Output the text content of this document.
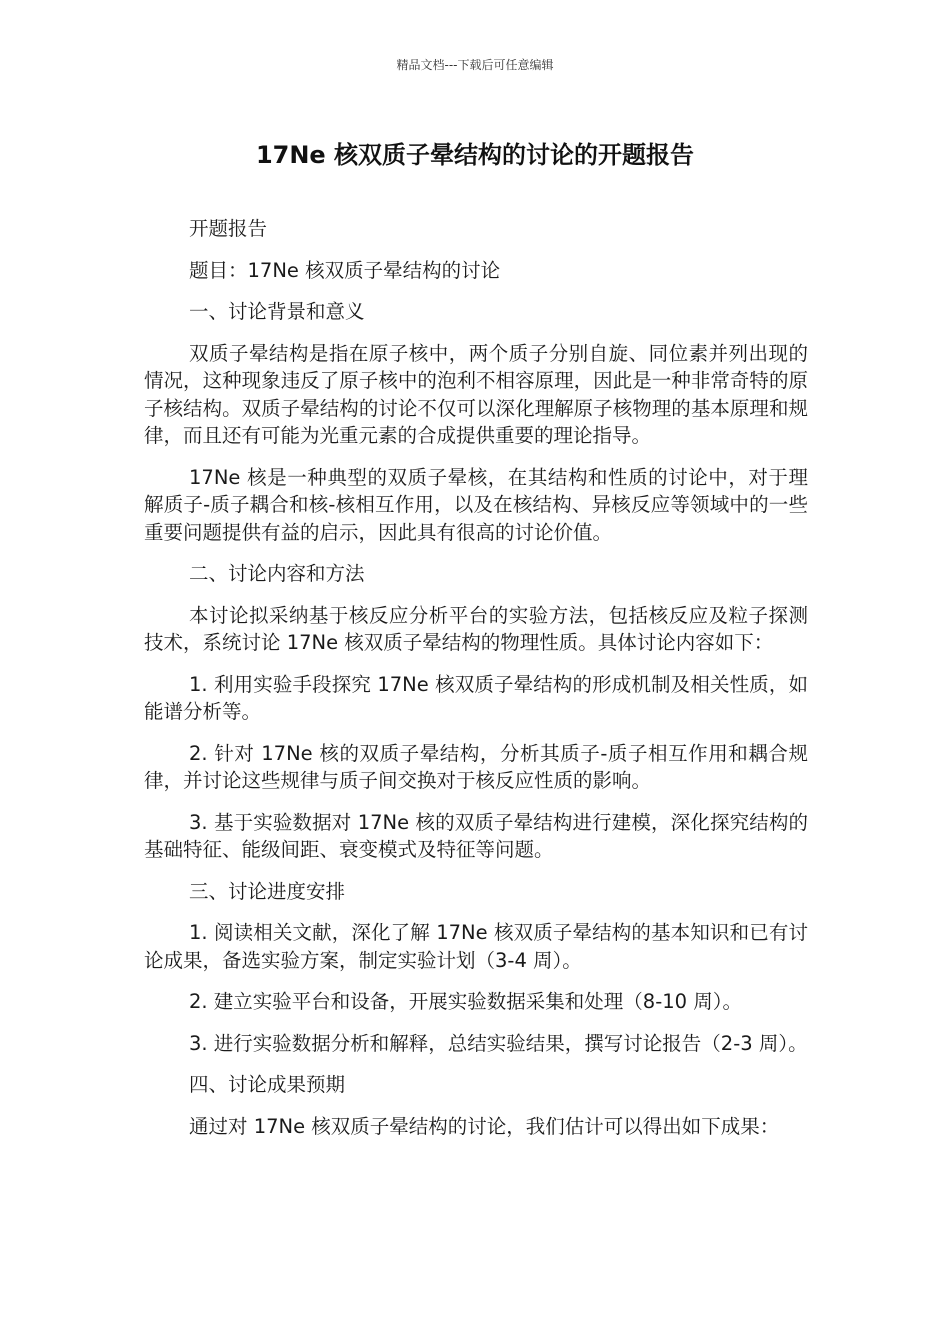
精品文档---下载后可任意编辑
17Ne 核双质子晕结构的讨论的开题报告

开题报告

题目：17Ne 核双质子晕结构的讨论

一、讨论背景和意义

双质子晕结构是指在原子核中，两个质子分别自旋、同位素并列出现的情况，这种现象违反了原子核中的泡利不相容原理，因此是一种非常奇特的原子核结构。双质子晕结构的讨论不仅可以深化理解原子核物理的基本原理和规律，而且还有可能为光重元素的合成提供重要的理论指导。

17Ne 核是一种典型的双质子晕核，在其结构和性质的讨论中，对于理解质子-质子耦合和核-核相互作用，以及在核结构、异核反应等领域中的一些重要问题提供有益的启示，因此具有很高的讨论价值。

二、讨论内容和方法

本讨论拟采纳基于核反应分析平台的实验方法，包括核反应及粒子探测技术，系统讨论 17Ne 核双质子晕结构的物理性质。具体讨论内容如下：

1. 利用实验手段探究 17Ne 核双质子晕结构的形成机制及相关性质，如能谱分析等。

2. 针对 17Ne 核的双质子晕结构，分析其质子-质子相互作用和耦合规律，并讨论这些规律与质子间交换对于核反应性质的影响。

3. 基于实验数据对 17Ne 核的双质子晕结构进行建模，深化探究结构的基础特征、能级间距、衰变模式及特征等问题。

三、讨论进度安排

1. 阅读相关文献，深化了解 17Ne 核双质子晕结构的基本知识和已有讨论成果，备选实验方案，制定实验计划（3-4 周）。

2. 建立实验平台和设备，开展实验数据采集和处理（8-10 周）。

3. 进行实验数据分析和解释，总结实验结果，撰写讨论报告（2-3 周）。

四、讨论成果预期

通过对 17Ne 核双质子晕结构的讨论，我们估计可以得出如下成果：
